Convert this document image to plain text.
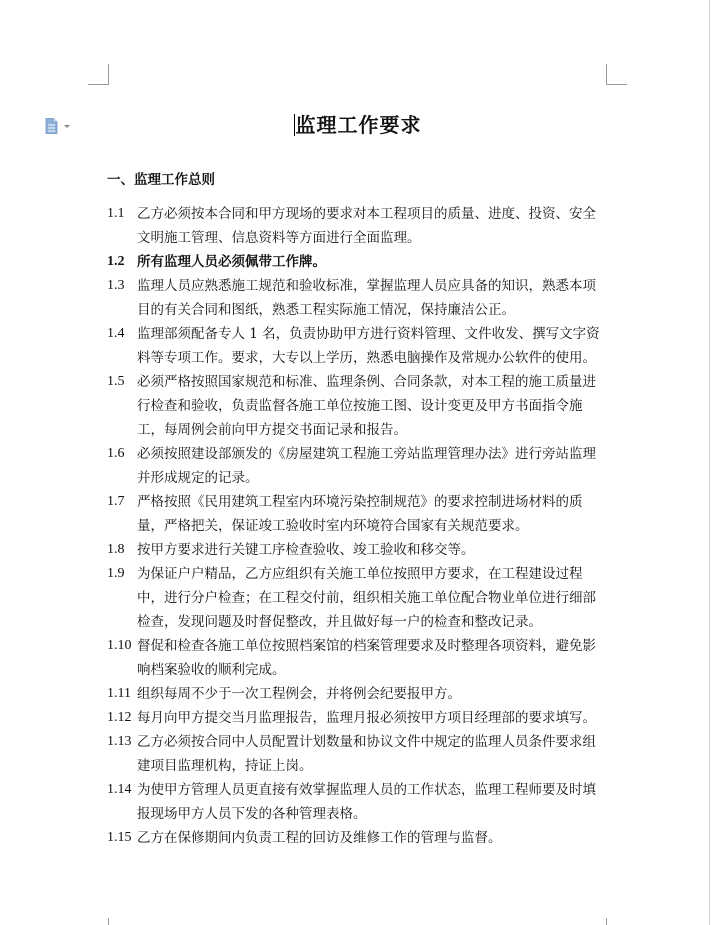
监理工作要求
一、监理工作总则
1.1 乙方必须按本合同和甲方现场的要求对本工程项目的质量、进度、投资、安全文明施工管理、信息资料等方面进行全面监理。
1.2 所有监理人员必须佩带工作牌。
1.3 监理人员应熟悉施工规范和验收标准，掌握监理人员应具备的知识，熟悉本项目的有关合同和图纸，熟悉工程实际施工情况，保持廉洁公正。
1.4 监理部须配备专人 1 名，负责协助甲方进行资料管理、文件收发、撰写文字资料等专项工作。要求，大专以上学历，熟悉电脑操作及常规办公软件的使用。
1.5 必须严格按照国家规范和标准、监理条例、合同条款，对本工程的施工质量进行检查和验收，负责监督各施工单位按施工图、设计变更及甲方书面指令施工，每周例会前向甲方提交书面记录和报告。
1.6 必须按照建设部颁发的《房屋建筑工程施工旁站监理管理办法》进行旁站监理并形成规定的记录。
1.7 严格按照《民用建筑工程室内环境污染控制规范》的要求控制进场材料的质量，严格把关，保证竣工验收时室内环境符合国家有关规范要求。
1.8 按甲方要求进行关键工序检查验收、竣工验收和移交等。
1.9 为保证户户精品，乙方应组织有关施工单位按照甲方要求，在工程建设过程中，进行分户检查；在工程交付前，组织相关施工单位配合物业单位进行细部检查，发现问题及时督促整改，并且做好每一户的检查和整改记录。
1.10 督促和检查各施工单位按照档案馆的档案管理要求及时整理各项资料，避免影响档案验收的顺利完成。
1.11 组织每周不少于一次工程例会，并将例会纪要报甲方。
1.12 每月向甲方提交当月监理报告，监理月报必须按甲方项目经理部的要求填写。
1.13 乙方必须按合同中人员配置计划数量和协议文件中规定的监理人员条件要求组建项目监理机构，持证上岗。
1.14 为使甲方管理人员更直接有效掌握监理人员的工作状态，监理工程师要及时填报现场甲方人员下发的各种管理表格。
1.15 乙方在保修期间内负责工程的回访及维修工作的管理与监督。
